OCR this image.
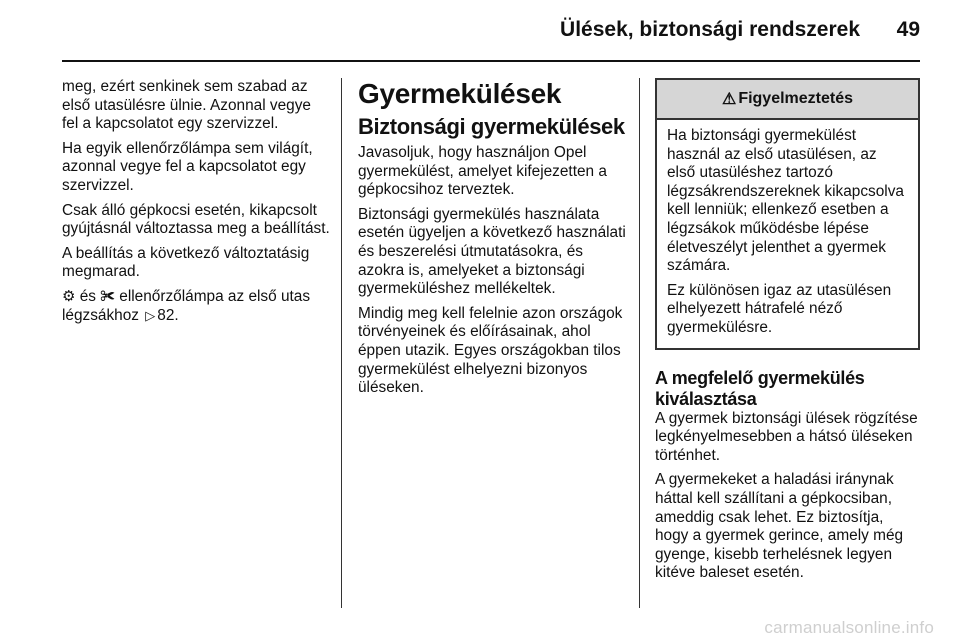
Ülések, biztonsági rendszerek	49

meg, ezért senkinek sem szabad az első utasülésre ülnie. Azonnal vegye fel a kapcsolatot egy szervizzel.

Ha egyik ellenőrzőlámpa sem világít, azonnal vegye fel a kapcsolatot egy szervizzel.

Csak álló gépkocsi esetén, kikapcsolt gyújtásnál változtassa meg a beállítást.

A beállítás a következő változtatásig megmarad.

⚙ és ✀ ellenőrzőlámpa az első utas légzsákhoz ▷ 82.

Gyermekülések
Biztonsági gyermekülések

Javasoljuk, hogy használjon Opel gyermekülést, amelyet kifejezetten a gépkocsihoz terveztek.

Biztonsági gyermekülés használata esetén ügyeljen a következő használati és beszerelési útmutatásokra, és azokra is, amelyeket a biztonsági gyermeküléshez mellékeltek.

Mindig meg kell felelnie azon országok törvényeinek és előírásainak, ahol éppen utazik. Egyes országokban tilos gyermekülést elhelyezni bizonyos üléseken.

⚠ Figyelmeztetés

Ha biztonsági gyermekülést használ az első utasülésen, az első utasüléshez tartozó légzsákrendszereknek kikapcsolva kell lenniük; ellenkező esetben a légzsákok működésbe lépése életveszélyt jelenthet a gyermek számára.

Ez különösen igaz az utasülésen elhelyezett hátrafelé néző gyermekülésre.

A megfelelő gyermekülés kiválasztása

A gyermek biztonsági ülések rögzítése legkényelmesebben a hátsó üléseken történhet.

A gyermekeket a haladási iránynak háttal kell szállítani a gépkocsiban, ameddig csak lehet. Ez biztosítja, hogy a gyermek gerince, amely még gyenge, kisebb terhelésnek legyen kitéve baleset esetén.

carmanualsonline.info
